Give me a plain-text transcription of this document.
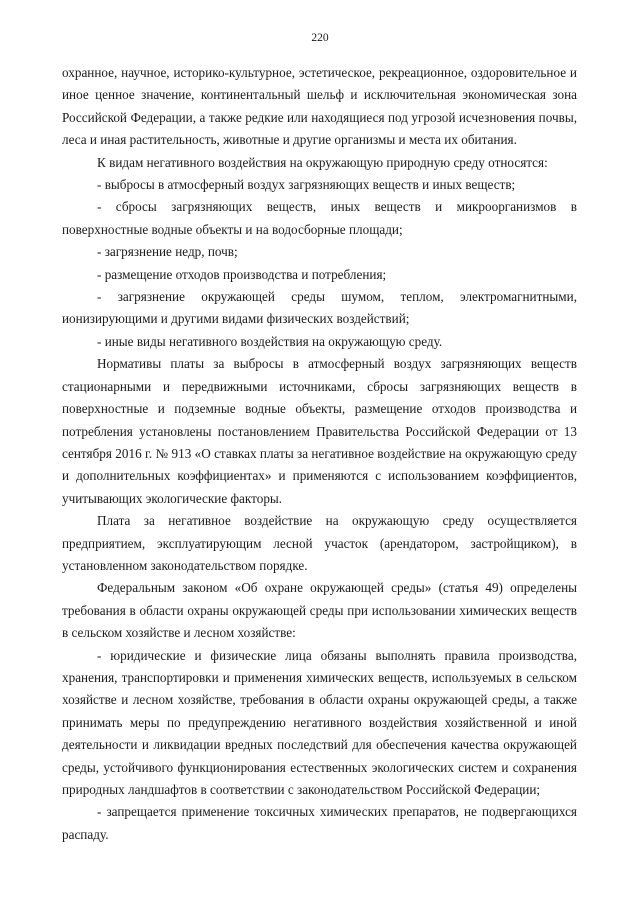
220

охранное, научное, историко-культурное, эстетическое, рекреационное, оздоровительное и иное ценное значение, континентальный шельф и исключительная экономическая зона Российской Федерации, а также редкие или находящиеся под угрозой исчезновения почвы, леса и иная растительность, животные и другие организмы и места их обитания.

К видам негативного воздействия на окружающую природную среду относятся:

- выбросы в атмосферный воздух загрязняющих веществ и иных веществ;

- сбросы загрязняющих веществ, иных веществ и микроорганизмов в поверхностные водные объекты и на водосборные площади;

- загрязнение недр, почв;

- размещение отходов производства и потребления;

- загрязнение окружающей среды шумом, теплом, электромагнитными, ионизирующими и другими видами физических воздействий;

- иные виды негативного воздействия на окружающую среду.

Нормативы платы за выбросы в атмосферный воздух загрязняющих веществ стационарными и передвижными источниками, сбросы загрязняющих веществ в поверхностные и подземные водные объекты, размещение отходов производства и потребления установлены постановлением Правительства Российской Федерации от 13 сентября 2016 г. № 913 «О ставках платы за негативное воздействие на окружающую среду и дополнительных коэффициентах» и применяются с использованием коэффициентов, учитывающих экологические факторы.

Плата за негативное воздействие на окружающую среду осуществляется предприятием, эксплуатирующим лесной участок (арендатором, застройщиком), в установленном законодательством порядке.

Федеральным законом «Об охране окружающей среды» (статья 49) определены требования в области охраны окружающей среды при использовании химических веществ в сельском хозяйстве и лесном хозяйстве:

- юридические и физические лица обязаны выполнять правила производства, хранения, транспортировки и применения химических веществ, используемых в сельском хозяйстве и лесном хозяйстве, требования в области охраны окружающей среды, а также принимать меры по предупреждению негативного воздействия хозяйственной и иной деятельности и ликвидации вредных последствий для обеспечения качества окружающей среды, устойчивого функционирования естественных экологических систем и сохранения природных ландшафтов в соответствии с законодательством Российской Федерации;

- запрещается применение токсичных химических препаратов, не подвергающихся распаду.
